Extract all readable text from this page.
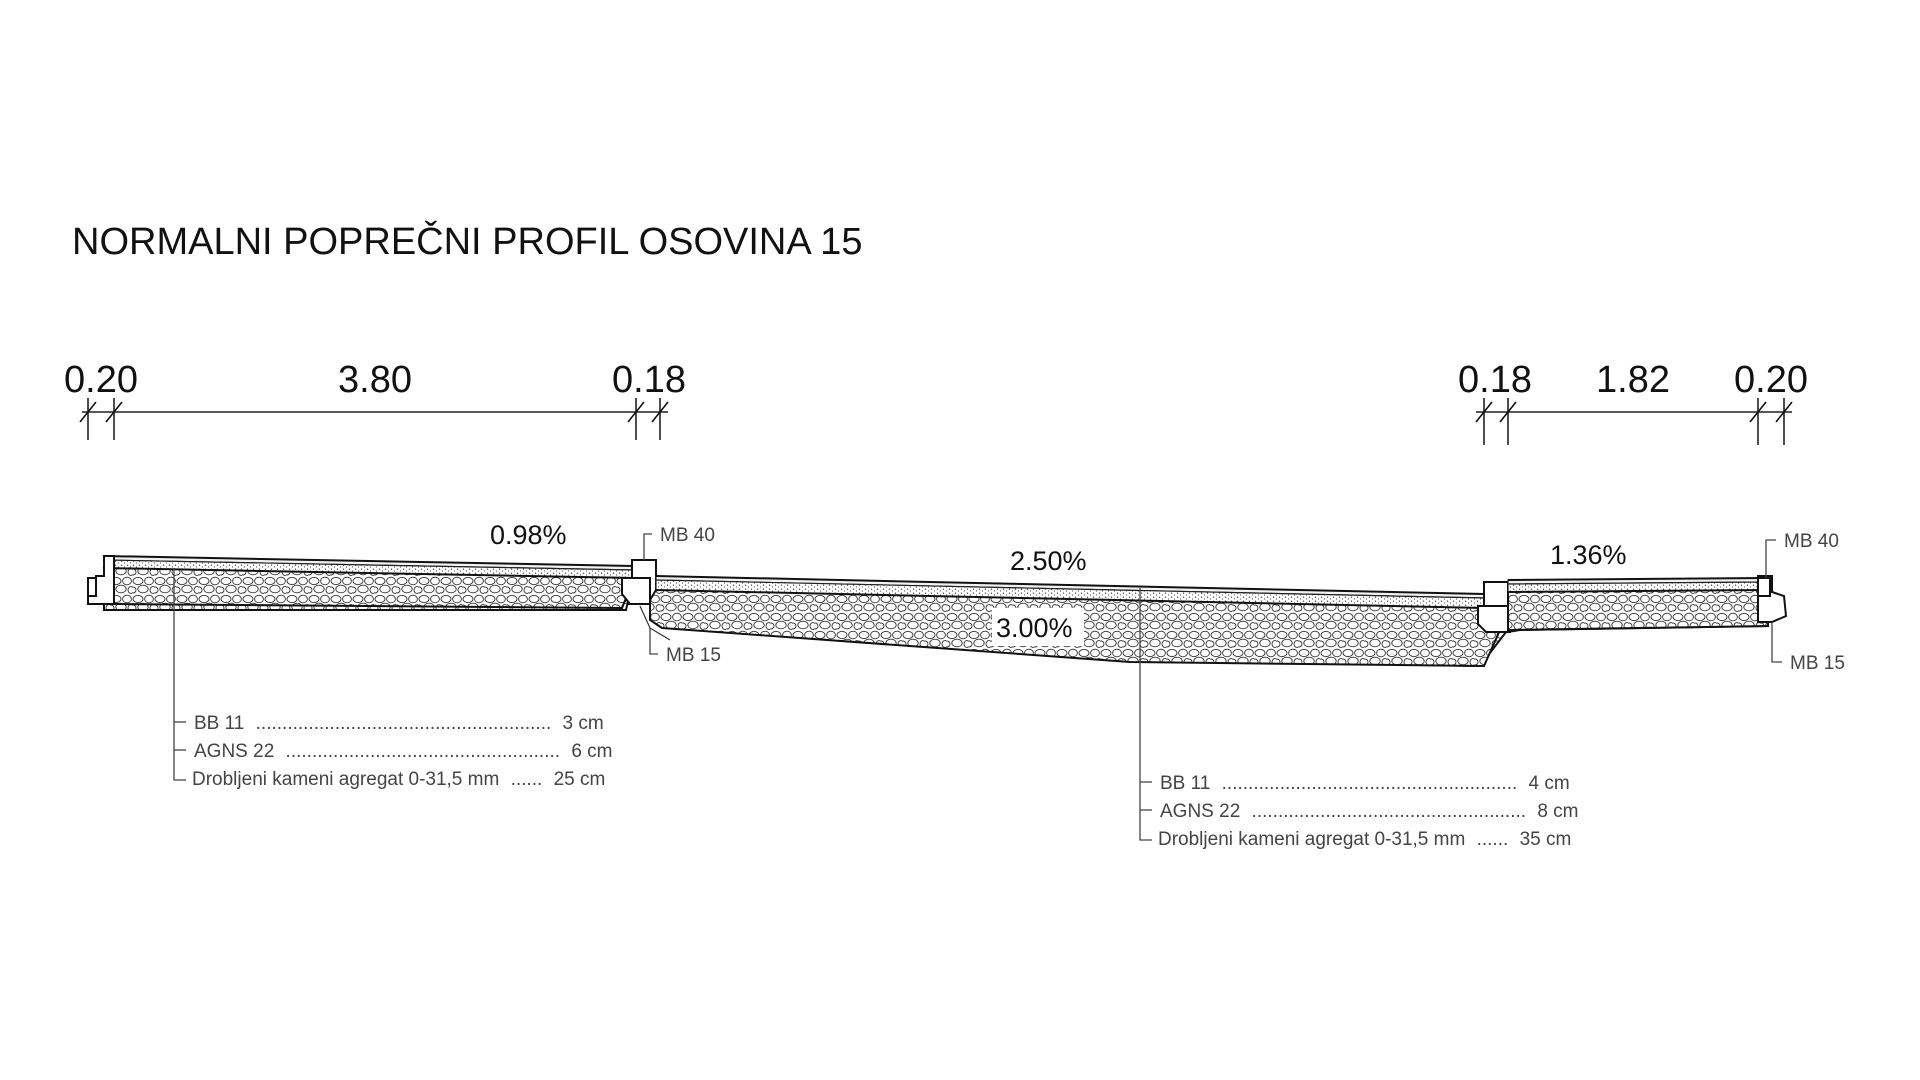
NORMALNI POPREČNI PROFIL OSOVINA 15
0.20	3.80	0.18	0.18 1.82 0.20
0.98%
2.50%
3.00%
1.36%
MB 40
MB 15
MB 40
MB 15
BB 11 ........................................................ 3 cm
AGNS 22 .................................................... 6 cm
Drobljeni kameni agregat 0-31,5 mm ...... 25 cm	BB 11 ........................................................ 4 cm
AGNS 22 .................................................... 8 cm
Drobljeni kameni agregat 0-31,5 mm ...... 35 cm
